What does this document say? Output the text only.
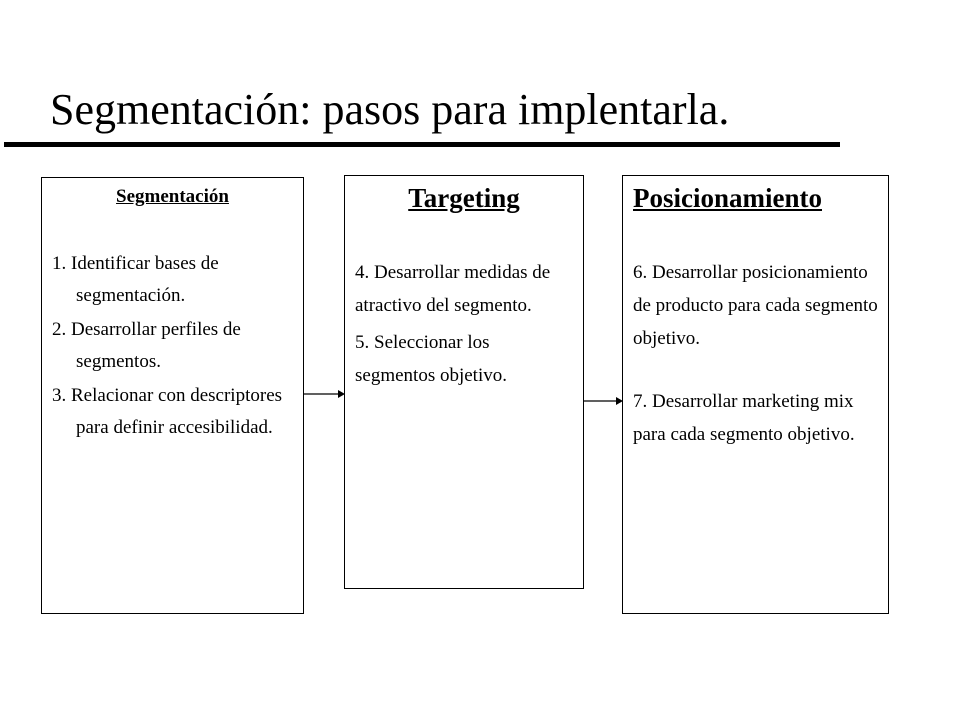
Segmentación: pasos para implentarla.

Segmentación

1. Identificar bases de segmentación.
2. Desarrollar perfiles de segmentos.
3. Relacionar con descriptores para definir accesibilidad.

Targeting

4. Desarrollar medidas de atractivo del segmento.
5. Seleccionar los segmentos objetivo.

Posicionamiento

6. Desarrollar posicionamiento de producto para cada segmento objetivo.
7. Desarrollar marketing mix para cada segmento objetivo.
